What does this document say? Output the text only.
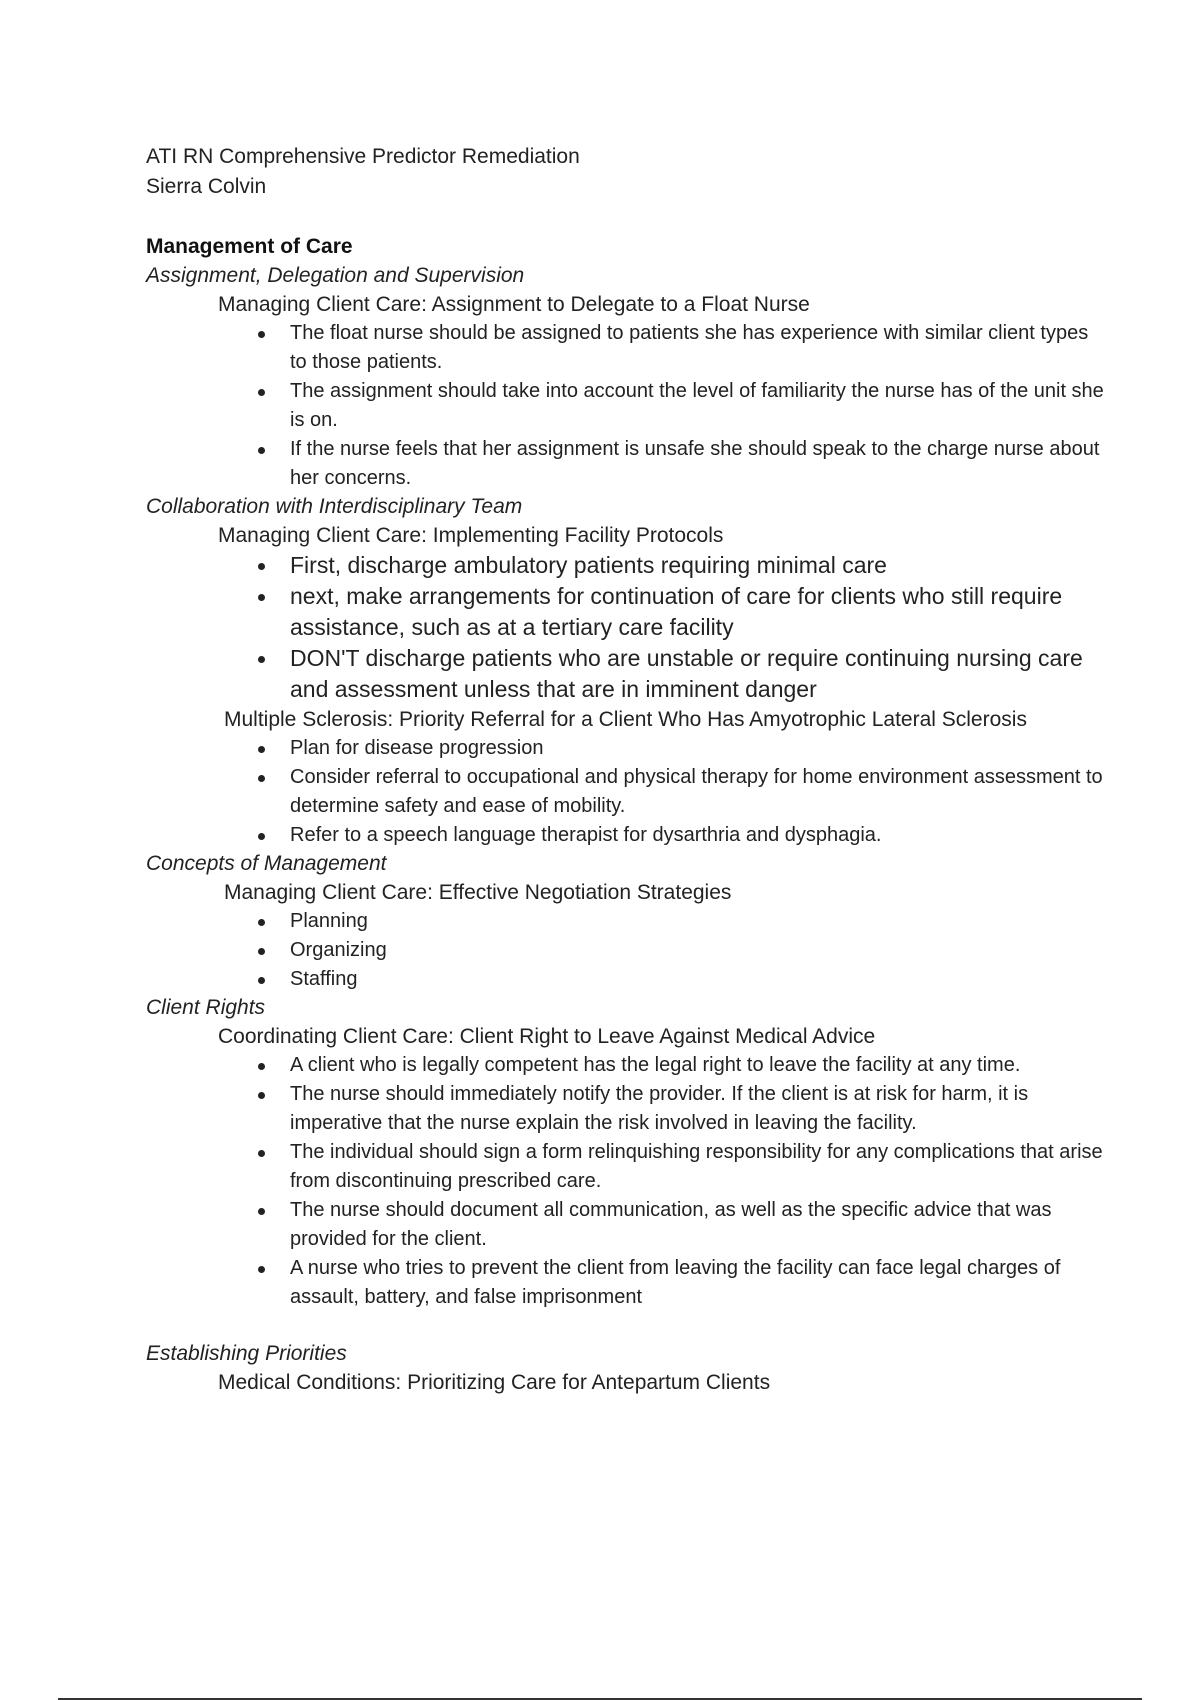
ATI RN Comprehensive Predictor Remediation
Sierra Colvin
Management of Care
Assignment, Delegation and Supervision
Managing Client Care: Assignment to Delegate to a Float Nurse
The float nurse should be assigned to patients she has experience with similar client types to those patients.
The assignment should take into account the level of familiarity the nurse has of the unit she is on.
If the nurse feels that her assignment is unsafe she should speak to the charge nurse about her concerns.
Collaboration with Interdisciplinary Team
Managing Client Care: Implementing Facility Protocols
First, discharge ambulatory patients requiring minimal care
next, make arrangements for continuation of care for clients who still require assistance, such as at a tertiary care facility
DON'T discharge patients who are unstable or require continuing nursing care and assessment unless that are in imminent danger
Multiple Sclerosis: Priority Referral for a Client Who Has Amyotrophic Lateral Sclerosis
Plan for disease progression
Consider referral to occupational and physical therapy for home environment assessment to determine safety and ease of mobility.
Refer to a speech language therapist for dysarthria and dysphagia.
Concepts of Management
Managing Client Care: Effective Negotiation Strategies
Planning
Organizing
Staffing
Client Rights
Coordinating Client Care: Client Right to Leave Against Medical Advice
A client who is legally competent has the legal right to leave the facility at any time.
The nurse should immediately notify the provider. If the client is at risk for harm, it is imperative that the nurse explain the risk involved in leaving the facility.
The individual should sign a form relinquishing responsibility for any complications that arise from discontinuing prescribed care.
The nurse should document all communication, as well as the specific advice that was provided for the client.
A nurse who tries to prevent the client from leaving the facility can face legal charges of assault, battery, and false imprisonment
Establishing Priorities
Medical Conditions: Prioritizing Care for Antepartum Clients
